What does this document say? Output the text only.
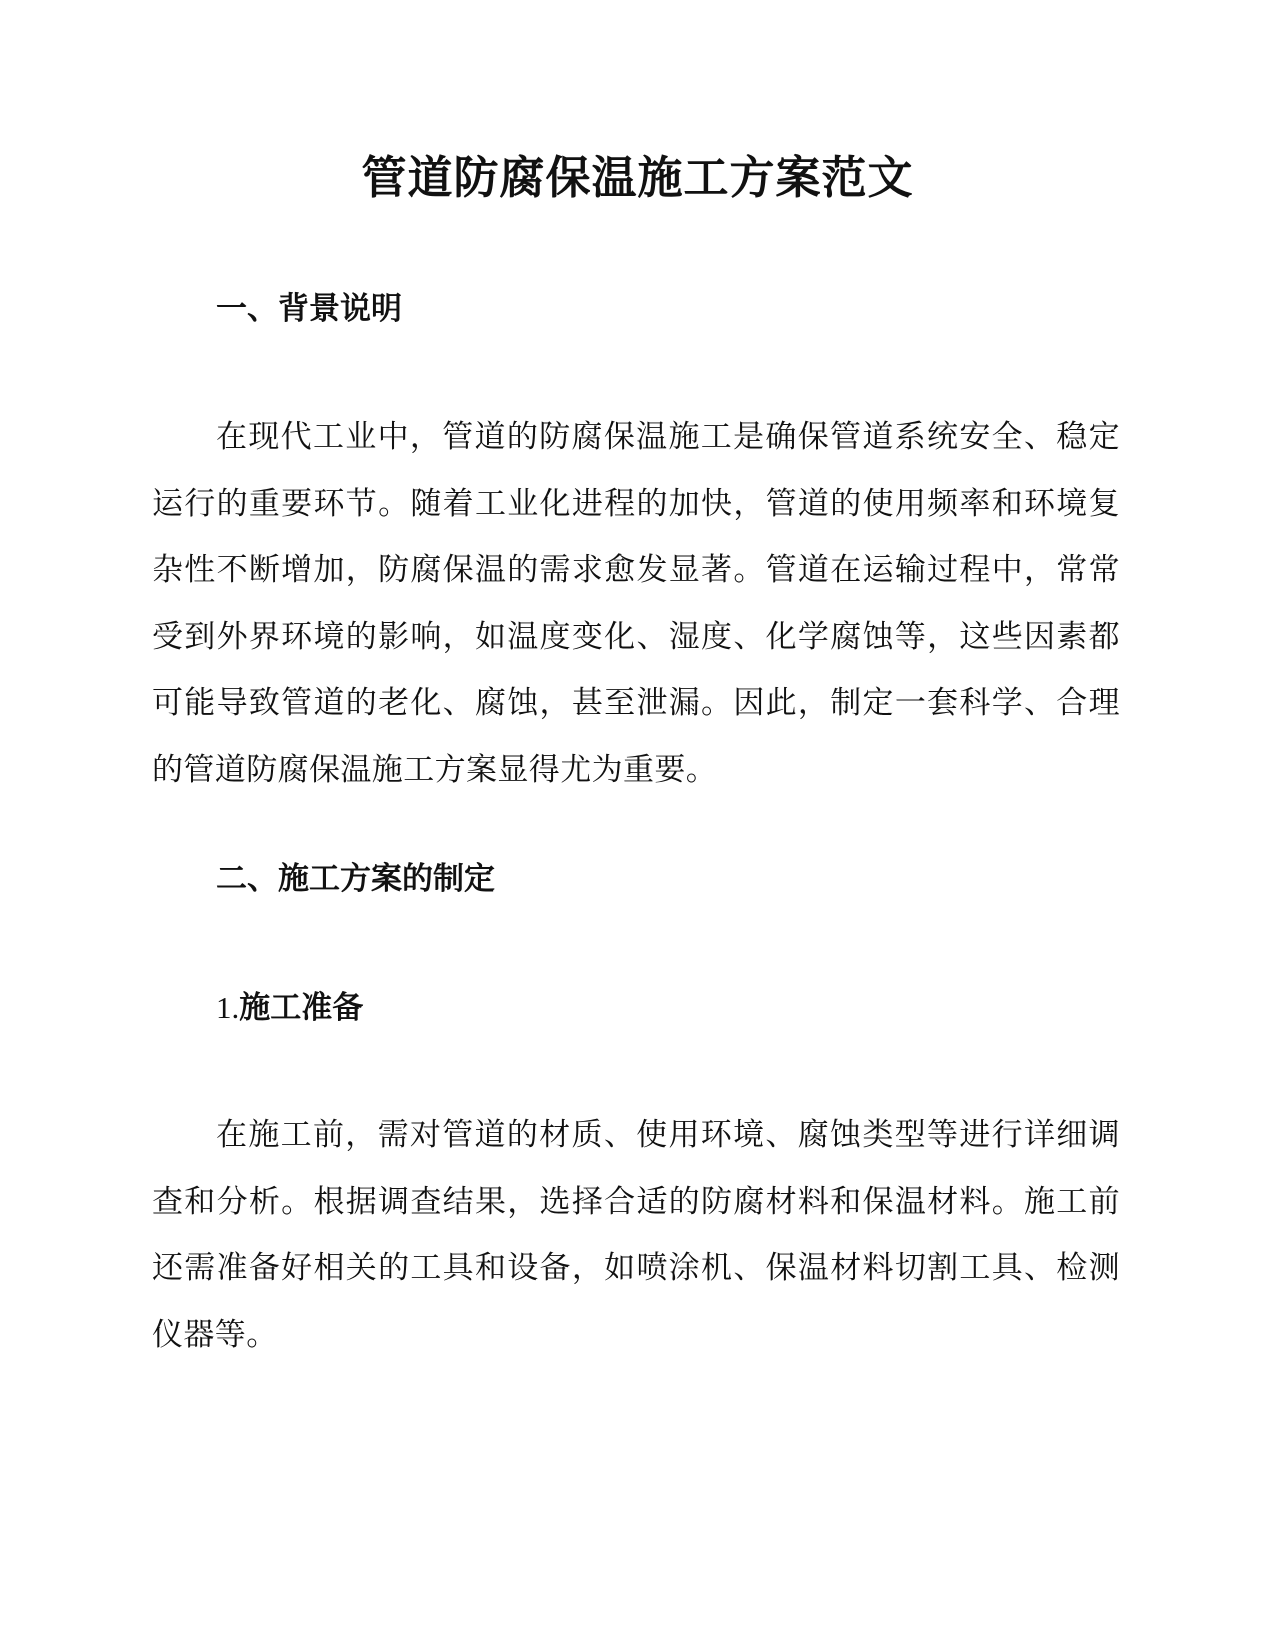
管道防腐保温施工方案范文
一、背景说明

在现代工业中，管道的防腐保温施工是确保管道系统安全、稳定运行的重要环节。随着工业化进程的加快，管道的使用频率和环境复杂性不断增加，防腐保温的需求愈发显著。管道在运输过程中，常常受到外界环境的影响，如温度变化、湿度、化学腐蚀等，这些因素都可能导致管道的老化、腐蚀，甚至泄漏。因此，制定一套科学、合理的管道防腐保温施工方案显得尤为重要。

二、施工方案的制定
1.施工准备

在施工前，需对管道的材质、使用环境、腐蚀类型等进行详细调查和分析。根据调查结果，选择合适的防腐材料和保温材料。施工前还需准备好相关的工具和设备，如喷涂机、保温材料切割工具、检测仪器等。
